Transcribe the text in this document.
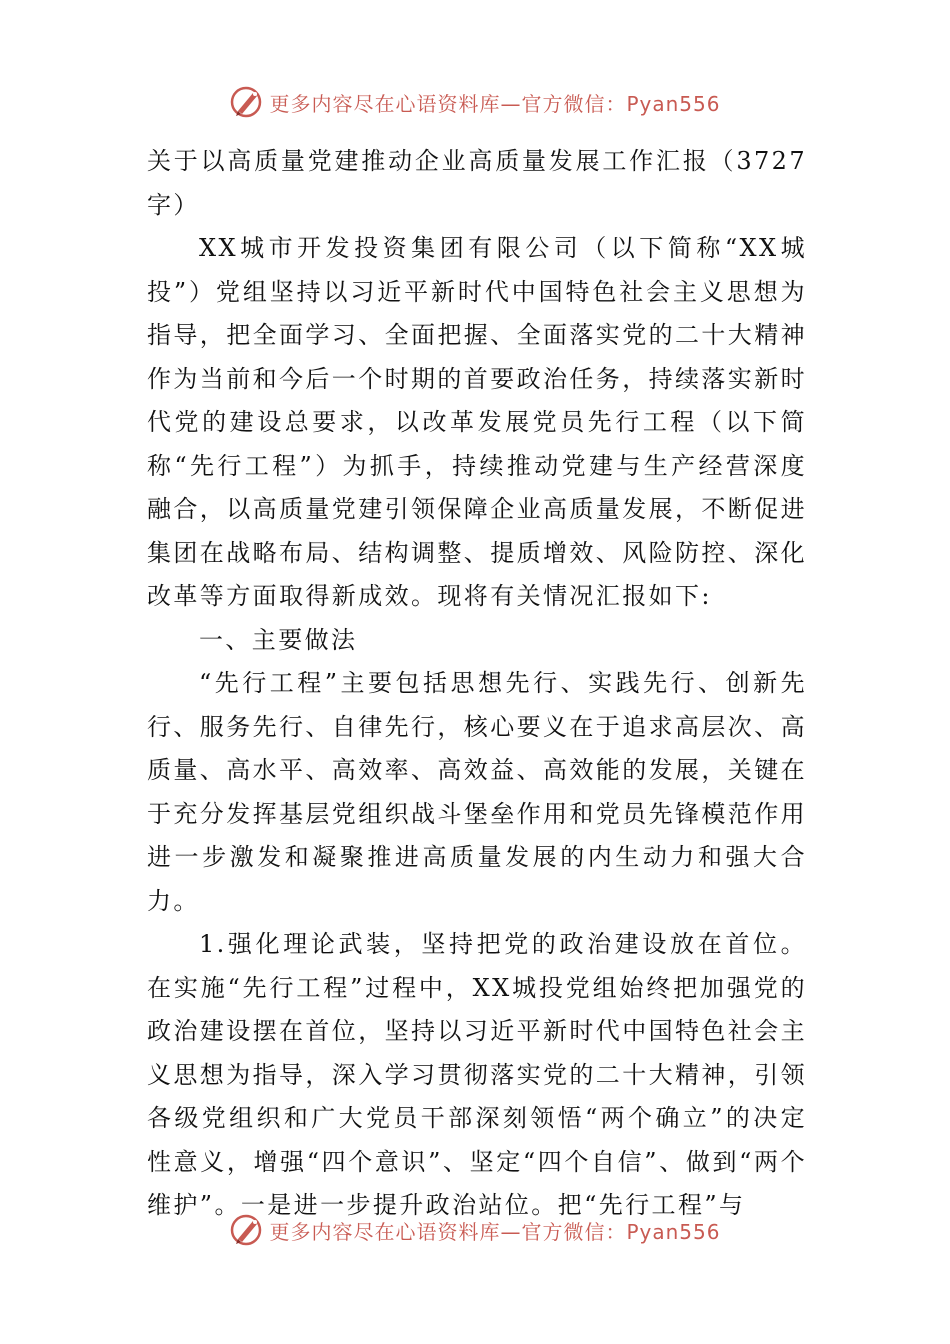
更多内容尽在心语资料库—官方微信：Pyan556

关于以高质量党建推动企业高质量发展工作汇报（3727字）

XX城市开发投资集团有限公司（以下简称“XX城投”）党组坚持以习近平新时代中国特色社会主义思想为指导，把全面学习、全面把握、全面落实党的二十大精神作为当前和今后一个时期的首要政治任务，持续落实新时代党的建设总要求，以改革发展党员先行工程（以下简称“先行工程”）为抓手，持续推动党建与生产经营深度融合，以高质量党建引领保障企业高质量发展，不断促进集团在战略布局、结构调整、提质增效、风险防控、深化改革等方面取得新成效。现将有关情况汇报如下:

一、主要做法

“先行工程”主要包括思想先行、实践先行、创新先行、服务先行、自律先行，核心要义在于追求高层次、高质量、高水平、高效率、高效益、高效能的发展，关键在于充分发挥基层党组织战斗堡垒作用和党员先锋模范作用进一步激发和凝聚推进高质量发展的内生动力和强大合力。

1.强化理论武装，坚持把党的政治建设放在首位。在实施“先行工程”过程中，XX城投党组始终把加强党的政治建设摆在首位，坚持以习近平新时代中国特色社会主义思想为指导，深入学习贯彻落实党的二十大精神，引领各级党组织和广大党员干部深刻领悟“两个确立”的决定性意义，增强“四个意识”、坚定“四个自信”、做到“两个维护”。一是进一步提升政治站位。把“先行工程”与

更多内容尽在心语资料库—官方微信：Pyan556
